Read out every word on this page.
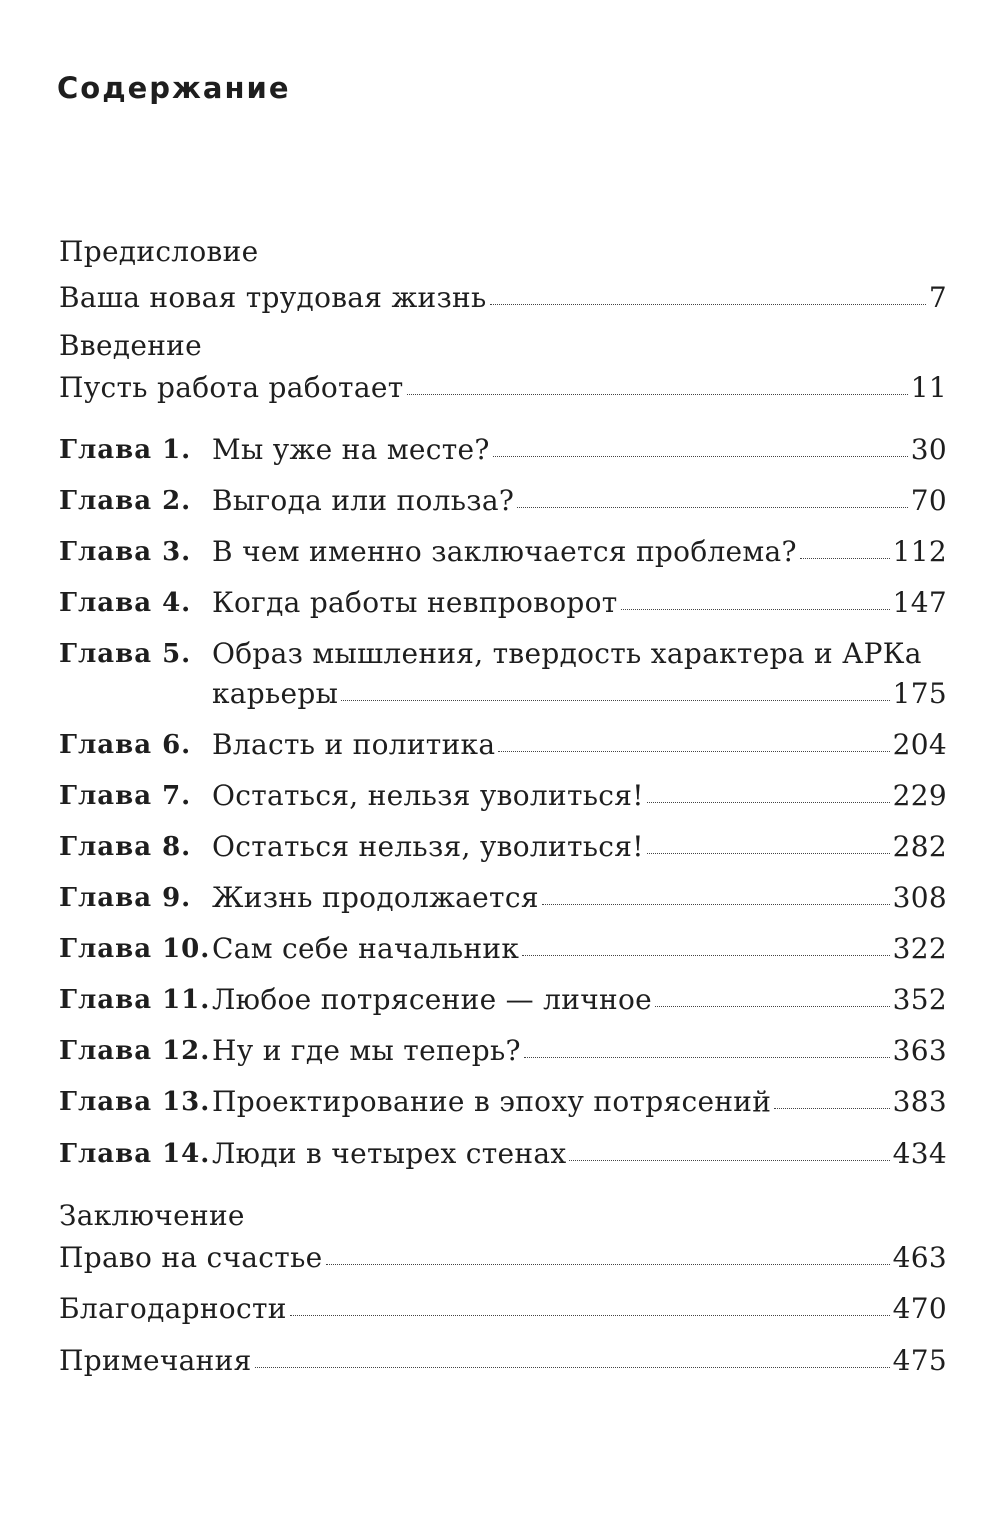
Содержание
Предисловие
Ваша новая трудовая жизнь	7
Введение
Пусть работа работает	11
Глава 1. Мы уже на месте?	30
Глава 2. Выгода или польза?	70
Глава 3. В чем именно заключается проблема?	112
Глава 4. Когда работы невпроворот	147
Глава 5. Образ мышления, твердость характера и АРКа
карьеры	175
Глава 6. Власть и политика	204
Глава 7. Остаться, нельзя уволиться!	229
Глава 8. Остаться нельзя, уволиться!	282
Глава 9. Жизнь продолжается	308
Глава 10. Сам себе начальник	322
Глава 11. Любое потрясение — личное	352
Глава 12. Ну и где мы теперь?	363
Глава 13. Проектирование в эпоху потрясений	383
Глава 14. Люди в четырех стенах	434
Заключение
Право на счастье	463
Благодарности	470
Примечания	475
